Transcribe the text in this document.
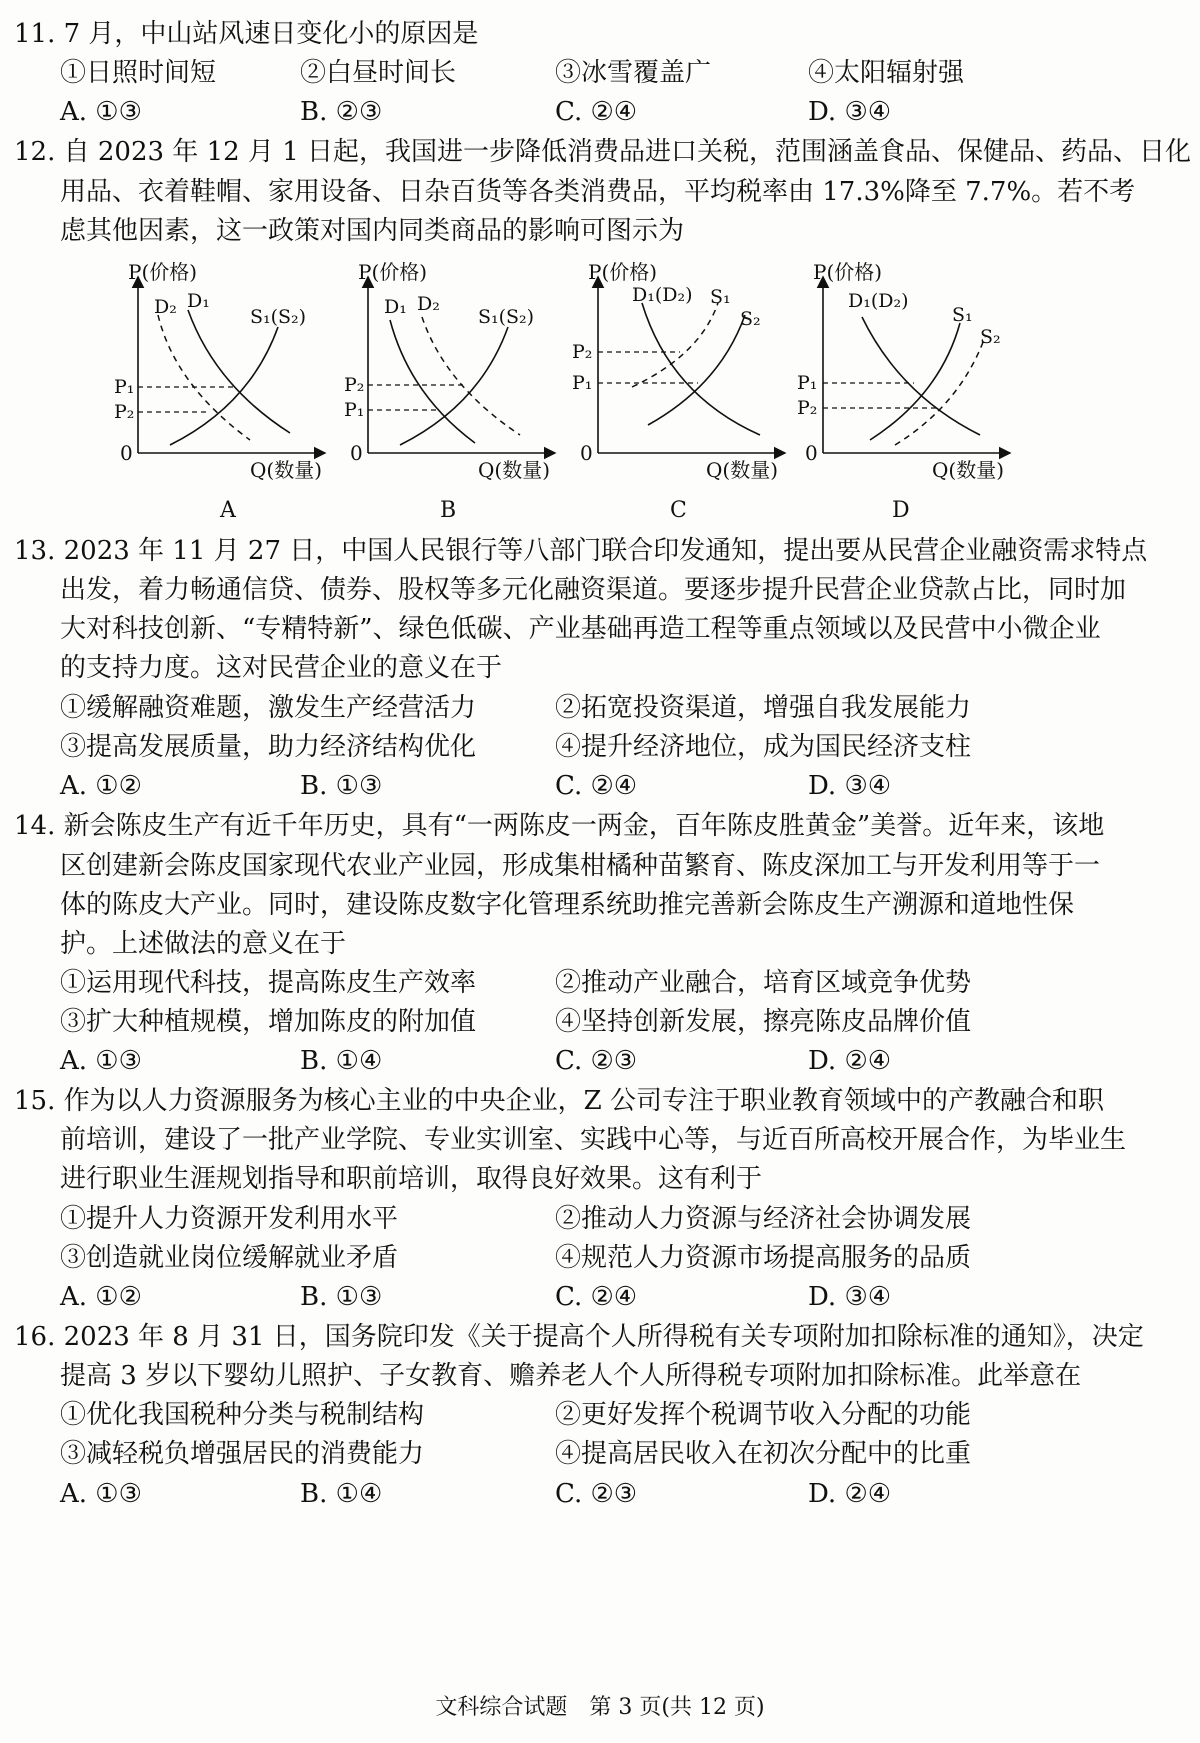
11. 7 月，中山站风速日变化小的原因是
①日照时间短	②白昼时间长	③冰雪覆盖广	④太阳辐射强
A. ①③	B. ②③	C. ②④	D. ③④
12. 自 2023 年 12 月 1 日起，我国进一步降低消费品进口关税，范围涵盖食品、保健品、药品、日化
用品、衣着鞋帽、家用设备、日杂百货等各类消费品，平均税率由 17.3%降至 7.7%。若不考
虑其他因素，这一政策对国内同类商品的影响可图示为
P(价格)
Q(数量)
0
D₂ D₁
S₁(S₂)
P₁
P₂
A
P(价格)
Q(数量)
0
D₁ D₂
S₁(S₂)
P₂
P₁
B
P(价格)
Q(数量)
0
D₁(D₂) S₁
S₂
P₂
P₁
C
P(价格)
Q(数量)
0
D₁(D₂)
S₁
S₂
P₁
P₂
D
13. 2023 年 11 月 27 日，中国人民银行等八部门联合印发通知，提出要从民营企业融资需求特点
出发，着力畅通信贷、债券、股权等多元化融资渠道。要逐步提升民营企业贷款占比，同时加
大对科技创新、“专精特新”、绿色低碳、产业基础再造工程等重点领域以及民营中小微企业
的支持力度。这对民营企业的意义在于
①缓解融资难题，激发生产经营活力	②拓宽投资渠道，增强自我发展能力
③提高发展质量，助力经济结构优化	④提升经济地位，成为国民经济支柱
A. ①②	B. ①③	C. ②④	D. ③④
14. 新会陈皮生产有近千年历史，具有“一两陈皮一两金，百年陈皮胜黄金”美誉。近年来，该地
区创建新会陈皮国家现代农业产业园，形成集柑橘种苗繁育、陈皮深加工与开发利用等于一
体的陈皮大产业。同时，建设陈皮数字化管理系统助推完善新会陈皮生产溯源和道地性保
护。上述做法的意义在于
①运用现代科技，提高陈皮生产效率	②推动产业融合，培育区域竞争优势
③扩大种植规模，增加陈皮的附加值	④坚持创新发展，擦亮陈皮品牌价值
A. ①③	B. ①④	C. ②③	D. ②④
15. 作为以人力资源服务为核心主业的中央企业，Z 公司专注于职业教育领域中的产教融合和职
前培训，建设了一批产业学院、专业实训室、实践中心等，与近百所高校开展合作，为毕业生
进行职业生涯规划指导和职前培训，取得良好效果。这有利于
①提升人力资源开发利用水平	②推动人力资源与经济社会协调发展
③创造就业岗位缓解就业矛盾	④规范人力资源市场提高服务的品质
A. ①②	B. ①③	C. ②④	D. ③④
16. 2023 年 8 月 31 日，国务院印发《关于提高个人所得税有关专项附加扣除标准的通知》，决定
提高 3 岁以下婴幼儿照护、子女教育、赡养老人个人所得税专项附加扣除标准。此举意在
①优化我国税种分类与税制结构	②更好发挥个税调节收入分配的功能
③减轻税负增强居民的消费能力	④提高居民收入在初次分配中的比重
A. ①③	B. ①④	C. ②③	D. ②④
文科综合试题　第 3 页(共 12 页)
